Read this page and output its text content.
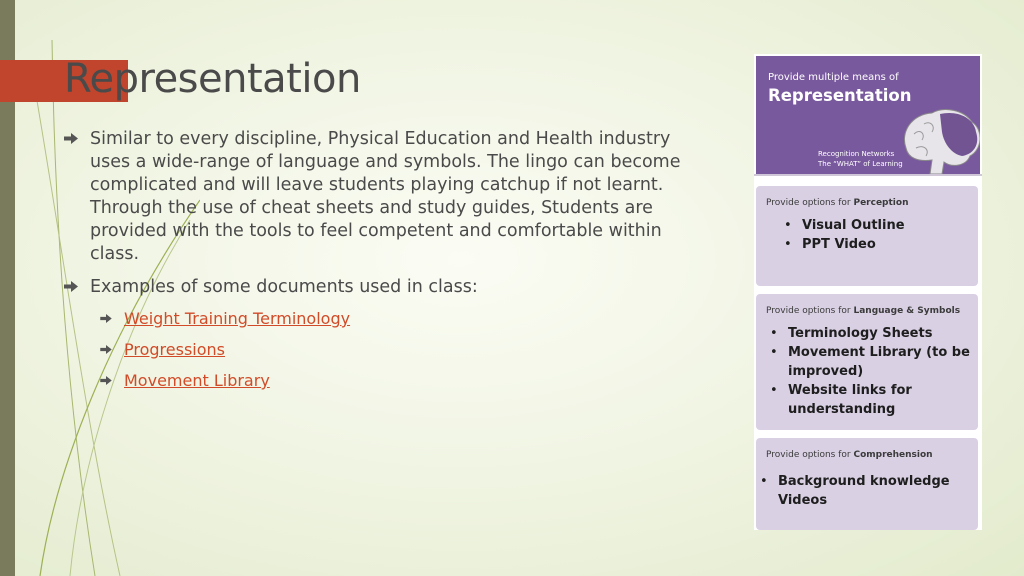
Representation
Similar to every discipline, Physical Education and Health industry uses a wide-range of language and symbols. The lingo can become complicated and will leave students playing catchup if not learnt. Through the use of cheat sheets and study guides, Students are provided with the tools to feel competent and comfortable within class.
Examples of some documents used in class:
Weight Training Terminology
Progressions
Movement Library
Provide multiple means of
Representation
Recognition Networks
The “WHAT” of Learning
Provide options for Perception
• Visual Outline
• PPT Video
Provide options for Language & Symbols
• Terminology Sheets
• Movement Library (to be improved)
• Website links for understanding
Provide options for Comprehension
• Background knowledge Videos
